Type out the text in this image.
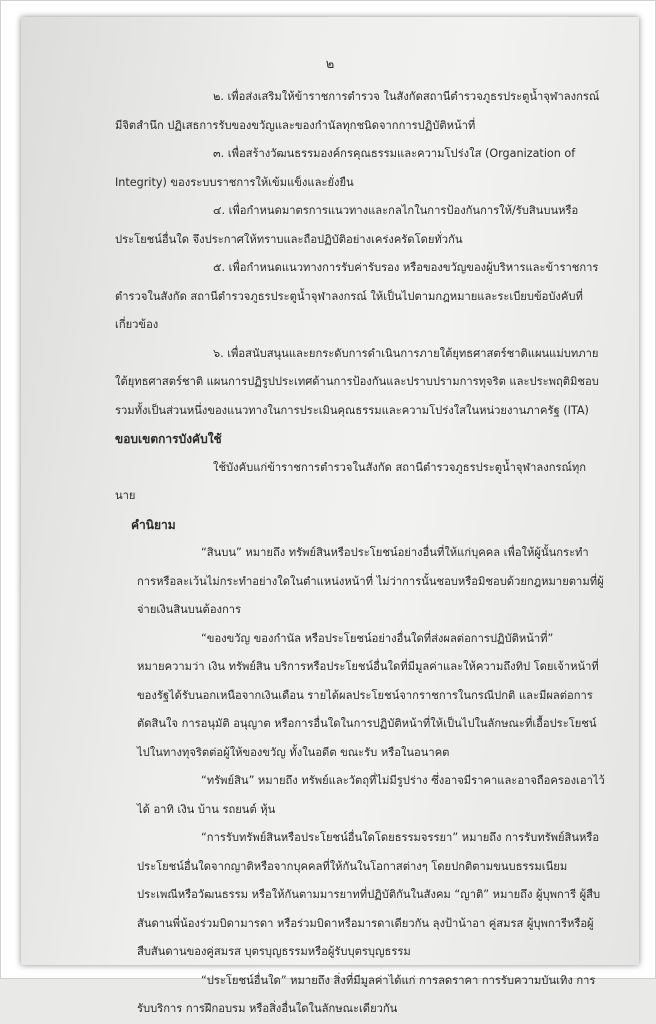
๒

๒. เพื่อส่งเสริมให้ข้าราชการตำรวจ ในสังกัดสถานีตำรวจภูธรประตูน้ำจุฬาลงกรณ์ มีจิตสำนึก ปฏิเสธการรับของขวัญและของกำนัลทุกชนิดจากการปฏิบัติหน้าที่

๓. เพื่อสร้างวัฒนธรรมองค์กรคุณธรรมและความโปร่งใส (Organization of Integrity) ของระบบราชการให้เข้มแข็งและยั่งยืน

๔. เพื่อกำหนดมาตรการแนวทางและกลไกในการป้องกันการให้/รับสินบนหรือประโยชน์อื่นใด จึงประกาศให้ทราบและถือปฏิบัติอย่างเคร่งครัดโดยทั่วกัน

๕. เพื่อกำหนดแนวทางการรับค่ารับรอง หรือของขวัญของผู้บริหารและข้าราชการตำรวจในสังกัด สถานีตำรวจภูธรประตูน้ำจุฬาลงกรณ์ ให้เป็นไปตามกฎหมายและระเบียบข้อบังคับที่เกี่ยวข้อง

๖. เพื่อสนับสนุนและยกระดับการดำเนินการภายใต้ยุทธศาสตร์ชาติแผนแม่บทภายใต้ยุทธศาสตร์ชาติ แผนการปฏิรูปประเทศด้านการป้องกันและปราบปรามการทุจริต และประพฤติมิชอบรวมทั้งเป็นส่วนหนึ่งของแนวทางในการประเมินคุณธรรมและความโปร่งใสในหน่วยงานภาครัฐ (ITA)

ขอบเขตการบังคับใช้

ใช้บังคับแก่ข้าราชการตำรวจในสังกัด สถานีตำรวจภูธรประตูน้ำจุฬาลงกรณ์ทุกนาย

คำนิยาม

“สินบน” หมายถึง ทรัพย์สินหรือประโยชน์อย่างอื่นที่ให้แก่บุคคล เพื่อให้ผู้นั้นกระทำการหรือละเว้นไม่กระทำอย่างใดในตำแหน่งหน้าที่ ไม่ว่าการนั้นชอบหรือมิชอบด้วยกฎหมายตามที่ผู้จ่ายเงินสินบนต้องการ

“ของขวัญ ของกำนัล หรือประโยชน์อย่างอื่นใดที่ส่งผลต่อการปฏิบัติหน้าที่” หมายความว่า เงิน ทรัพย์สิน บริการหรือประโยชน์อื่นใดที่มีมูลค่าและให้ความถึงทิป โดยเจ้าหน้าที่ของรัฐได้รับนอกเหนือจากเงินเดือน รายได้ผลประโยชน์จากราชการในกรณีปกติ และมีผลต่อการตัดสินใจ การอนุมัติ อนุญาต หรือการอื่นใดในการปฏิบัติหน้าที่ให้เป็นไปในลักษณะที่เอื้อประโยชน์ไปในทางทุจริตต่อผู้ให้ของขวัญ ทั้งในอดีต ขณะรับ หรือในอนาคต

“ทรัพย์สิน” หมายถึง ทรัพย์และวัตถุที่ไม่มีรูปร่าง ซึ่งอาจมีราคาและอาจถือครองเอาไว้ได้ อาทิ เงิน บ้าน รถยนต์ หุ้น

“การรับทรัพย์สินหรือประโยชน์อื่นใดโดยธรรมจรรยา” หมายถึง การรับทรัพย์สินหรือประโยชน์อื่นใดจากญาติหรือจากบุคคลที่ให้กันในโอกาสต่างๆ โดยปกติตามขนบธรรมเนียม ประเพณีหรือวัฒนธรรม หรือให้กันตามมารยาทที่ปฏิบัติกันในสังคม “ญาติ” หมายถึง ผู้บุพการี ผู้สืบสันดานพี่น้องร่วมบิดามารดา หรือร่วมบิดาหรือมารดาเดียวกัน ลุงป้าน้าอา คู่สมรส ผู้บุพการีหรือผู้สืบสันดานของคู่สมรส บุตรบุญธรรมหรือผู้รับบุตรบุญธรรม

“ประโยชน์อื่นใด” หมายถึง สิ่งที่มีมูลค่าได้แก่ การลดราคา การรับความบันเทิง การรับบริการ การฝึกอบรม หรือสิ่งอื่นใดในลักษณะเดียวกัน
